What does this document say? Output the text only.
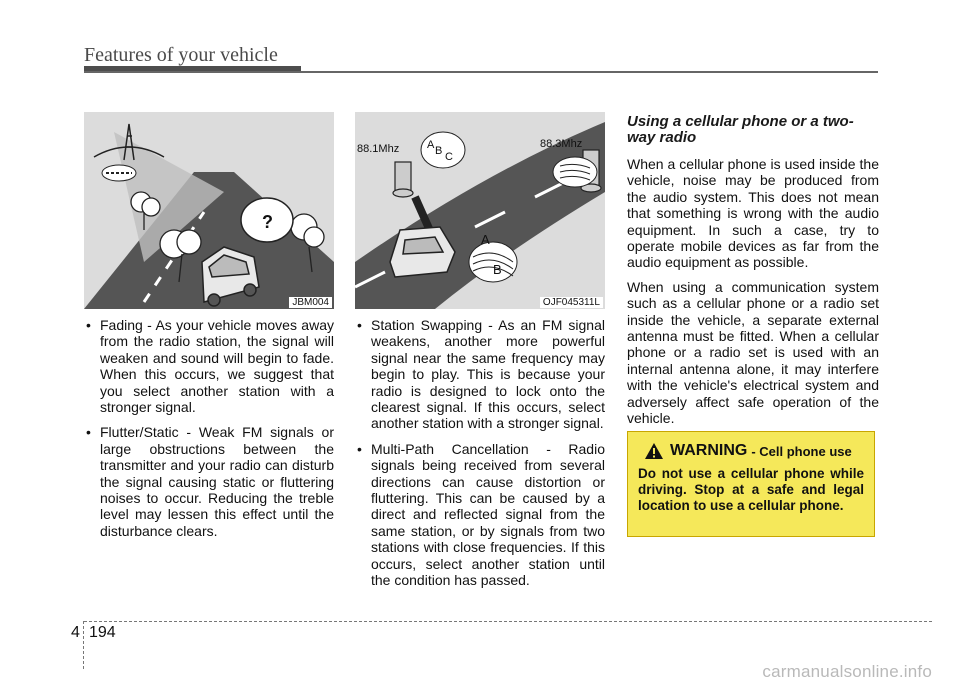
Features of your vehicle
?
JBM004
88.1Mhz	88.3Mhz
A B C
A
B
OJF045311L

• Fading - As your vehicle moves away from the radio station, the signal will weaken and sound will begin to fade. When this occurs, we suggest that you select another station with a stronger signal.

• Flutter/Static - Weak FM signals or large obstructions between the transmitter and your radio can disturb the signal causing static or fluttering noises to occur. Reducing the treble level may lessen this effect until the disturbance clears.

• Station Swapping - As an FM signal weakens, another more powerful signal near the same frequency may begin to play. This is because your radio is designed to lock onto the clearest signal. If this occurs, select another station with a stronger signal.

• Multi-Path Cancellation - Radio signals being received from several directions can cause distortion or fluttering. This can be caused by a direct and reflected signal from the same station, or by signals from two stations with close frequencies. If this occurs, select another station until the condition has passed.

Using a cellular phone or a two-way radio

When a cellular phone is used inside the vehicle, noise may be produced from the audio system. This does not mean that something is wrong with the audio equipment. In such a case, try to operate mobile devices as far from the audio equipment as possible.

When using a communication system such as a cellular phone or a radio set inside the vehicle, a separate external antenna must be fitted. When a cellular phone or a radio set is used with an internal antenna alone, it may interfere with the vehicle's electrical system and adversely affect safe operation of the vehicle.

WARNING - Cell phone use
Do not use a cellular phone while driving. Stop at a safe and legal location to use a cellular phone.
4 194
carmanualsonline.info
